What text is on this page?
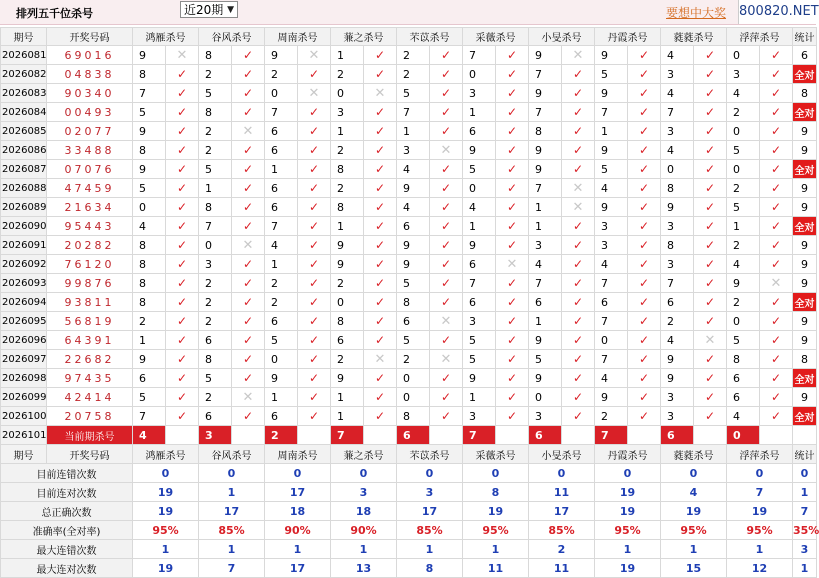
排列五千位杀号	近20期 ▼	要想中大奖 800820.NET
期号	开奖号码	鸿雁杀号		谷风杀号		周南杀号		蒹之杀号		芣苡杀号		采薇杀号		小旻杀号		丹霞杀号		蕤蕤杀号		浮萍杀号		统计
2026081	69016	9	✕	8	✓	9	✕	1	✓	2	✓	7	✓	9	✕	9	✓	4	✓	0	✓	6
2026082	04838	8	✓	2	✓	2	✓	2	✓	2	✓	0	✓	7	✓	5	✓	3	✓	3	✓	全对
2026083	90340	7	✓	5	✓	0	✕	0	✕	5	✓	3	✓	9	✓	9	✓	4	✓	4	✓	8
2026084	00493	5	✓	8	✓	7	✓	3	✓	7	✓	1	✓	7	✓	7	✓	7	✓	2	✓	全对
2026085	02077	9	✓	2	✕	6	✓	1	✓	1	✓	6	✓	8	✓	1	✓	3	✓	0	✓	9
2026086	33488	8	✓	2	✓	6	✓	2	✓	3	✕	9	✓	9	✓	9	✓	4	✓	5	✓	9
2026087	07076	9	✓	5	✓	1	✓	8	✓	4	✓	5	✓	9	✓	5	✓	0	✓	0	✓	全对
2026088	47459	5	✓	1	✓	6	✓	2	✓	9	✓	0	✓	7	✕	4	✓	8	✓	2	✓	9
2026089	21634	0	✓	8	✓	6	✓	8	✓	4	✓	4	✓	1	✕	9	✓	9	✓	5	✓	9
2026090	95443	4	✓	7	✓	7	✓	1	✓	6	✓	1	✓	1	✓	3	✓	3	✓	1	✓	全对
2026091	20282	8	✓	0	✕	4	✓	9	✓	9	✓	9	✓	3	✓	3	✓	8	✓	2	✓	9
2026092	76120	8	✓	3	✓	1	✓	9	✓	9	✓	6	✕	4	✓	4	✓	3	✓	4	✓	9
2026093	99876	8	✓	2	✓	2	✓	2	✓	5	✓	7	✓	7	✓	7	✓	7	✓	9	✕	9
2026094	93811	8	✓	2	✓	2	✓	0	✓	8	✓	6	✓	6	✓	6	✓	6	✓	2	✓	全对
2026095	56819	2	✓	2	✓	6	✓	8	✓	6	✕	3	✓	1	✓	7	✓	2	✓	0	✓	9
2026096	64391	1	✓	6	✓	5	✓	6	✓	5	✓	5	✓	9	✓	0	✓	4	✕	5	✓	9
2026097	22682	9	✓	8	✓	0	✓	2	✕	2	✕	5	✓	5	✓	7	✓	9	✓	8	✓	8
2026098	97435	6	✓	5	✓	9	✓	9	✓	0	✓	9	✓	9	✓	4	✓	9	✓	6	✓	全对
2026099	42414	5	✓	2	✕	1	✓	1	✓	0	✓	1	✓	0	✓	9	✓	3	✓	6	✓	9
2026100	20758	7	✓	6	✓	6	✓	1	✓	8	✓	3	✓	3	✓	2	✓	3	✓	4	✓	全对
2026101	当前期杀号	4		3		2		7		6		7		6		7		6		0		
期号	开奖号码	鸿雁杀号		谷风杀号		周南杀号		蒹之杀号		芣苡杀号		采薇杀号		小旻杀号		丹霞杀号		蕤蕤杀号		浮萍杀号		统计
目前连错次数		0		0		0		0		0		0		0		0		0		0		0
目前连对次数		19		1		17		3		3		8		11		19		4		7		1
总正确次数		19		17		18		18		17		19		17		19		19		19		7
准确率(全对率)		95%		85%		90%		90%		85%		95%		85%		95%		95%		95%		35%
最大连错次数		1		1		1		1		1		1		2		1		1		1		3
最大连对次数		19		7		17		13		8		11		11		19		15		12		1
